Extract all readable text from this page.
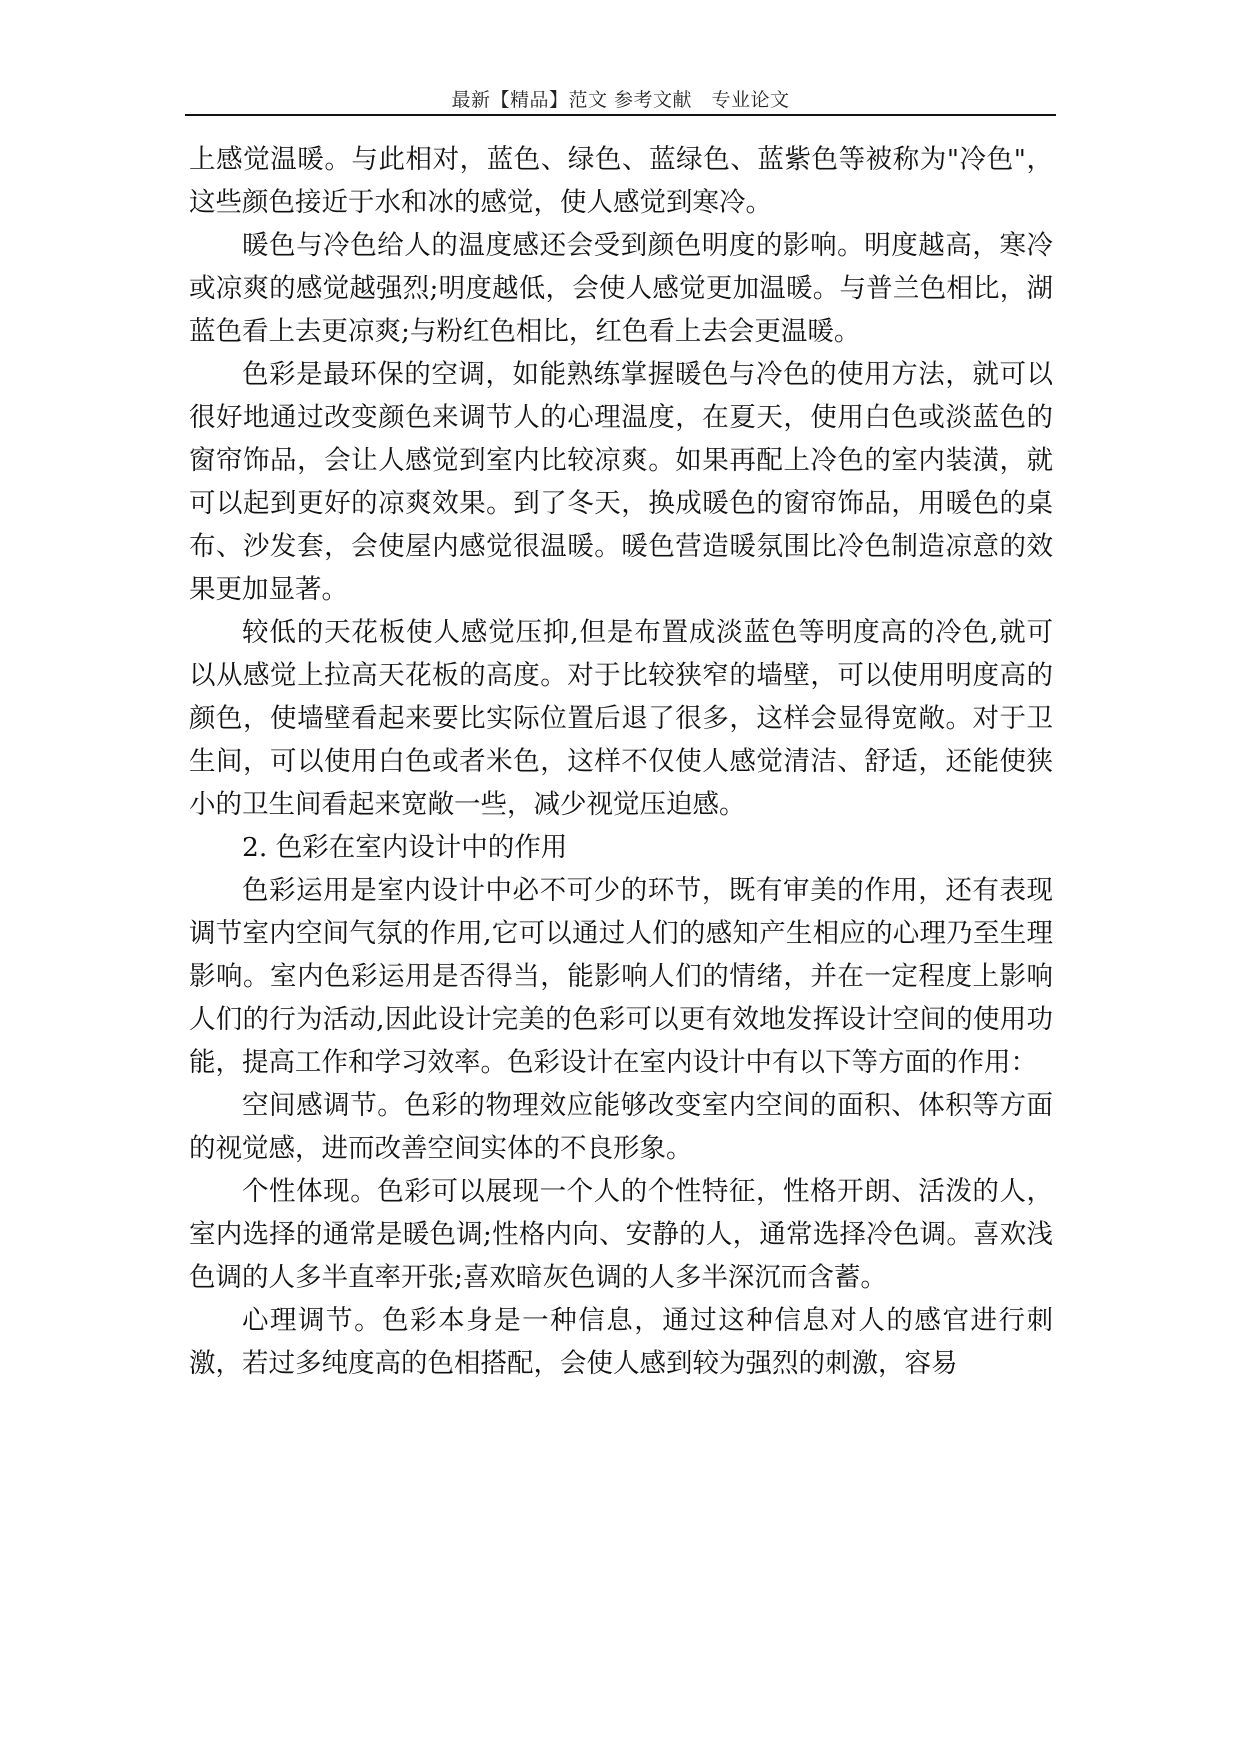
最新【精品】范文 参考文献　专业论文

上感觉温暖。与此相对，蓝色、绿色、蓝绿色、蓝紫色等被称为"冷色"，这些颜色接近于水和冰的感觉，使人感觉到寒冷。

暖色与冷色给人的温度感还会受到颜色明度的影响。明度越高，寒冷或凉爽的感觉越强烈;明度越低，会使人感觉更加温暖。与普兰色相比，湖蓝色看上去更凉爽;与粉红色相比，红色看上去会更温暖。

色彩是最环保的空调，如能熟练掌握暖色与冷色的使用方法，就可以很好地通过改变颜色来调节人的心理温度，在夏天，使用白色或淡蓝色的窗帘饰品，会让人感觉到室内比较凉爽。如果再配上冷色的室内装潢，就可以起到更好的凉爽效果。到了冬天，换成暖色的窗帘饰品，用暖色的桌布、沙发套，会使屋内感觉很温暖。暖色营造暖氛围比冷色制造凉意的效果更加显著。

较低的天花板使人感觉压抑,但是布置成淡蓝色等明度高的冷色,就可以从感觉上拉高天花板的高度。对于比较狭窄的墙壁，可以使用明度高的颜色，使墙壁看起来要比实际位置后退了很多，这样会显得宽敞。对于卫生间，可以使用白色或者米色，这样不仅使人感觉清洁、舒适，还能使狭小的卫生间看起来宽敞一些，减少视觉压迫感。

2. 色彩在室内设计中的作用

色彩运用是室内设计中必不可少的环节，既有审美的作用，还有表现调节室内空间气氛的作用,它可以通过人们的感知产生相应的心理乃至生理影响。室内色彩运用是否得当，能影响人们的情绪，并在一定程度上影响人们的行为活动,因此设计完美的色彩可以更有效地发挥设计空间的使用功能，提高工作和学习效率。色彩设计在室内设计中有以下等方面的作用：

空间感调节。色彩的物理效应能够改变室内空间的面积、体积等方面的视觉感，进而改善空间实体的不良形象。

个性体现。色彩可以展现一个人的个性特征，性格开朗、活泼的人，室内选择的通常是暖色调;性格内向、安静的人，通常选择冷色调。喜欢浅色调的人多半直率开张;喜欢暗灰色调的人多半深沉而含蓄。

心理调节。色彩本身是一种信息，通过这种信息对人的感官进行刺激，若过多纯度高的色相搭配，会使人感到较为强烈的刺激，容易
